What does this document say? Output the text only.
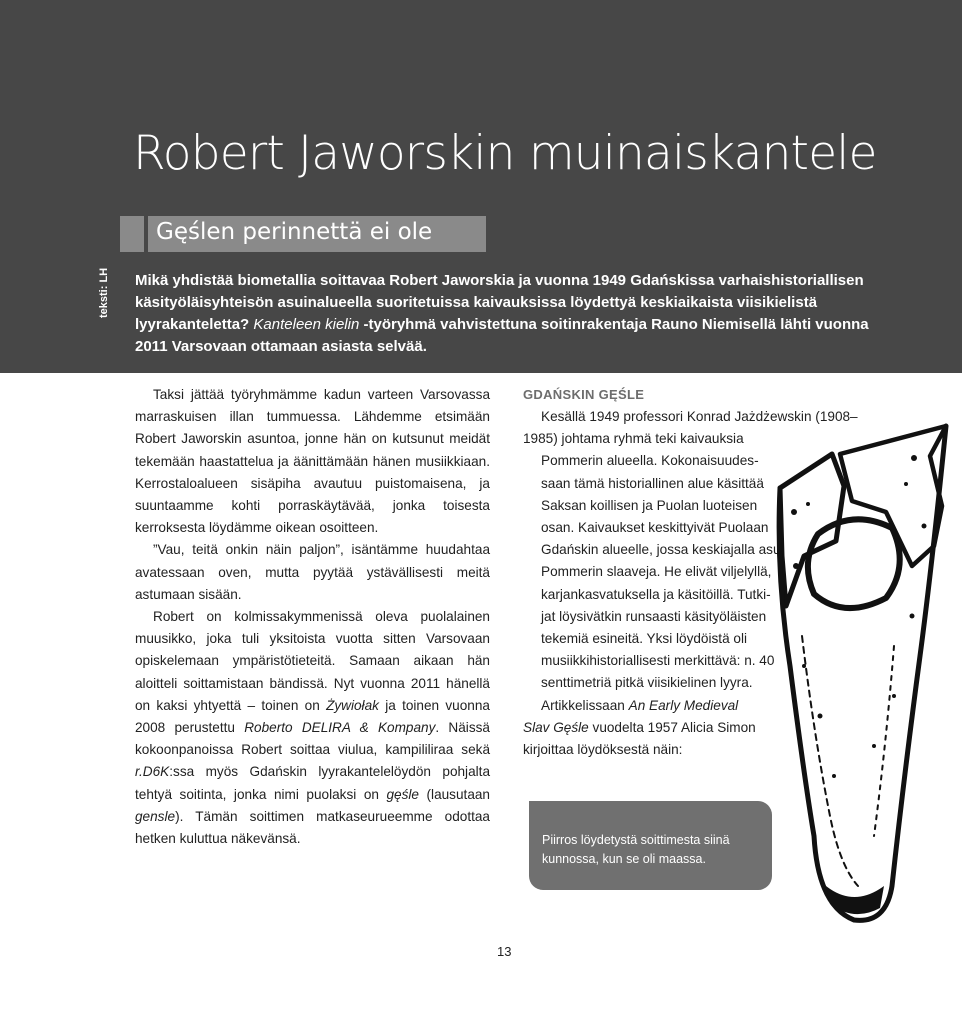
Robert Jaworskin muinaiskantele
Gęślen perinnettä ei ole
teksti: LH Mikä yhdistää biometallia soittavaa Robert Jaworskia ja vuonna 1949 Gdańskissa varhaishistoriallisen käsityöläisyhteisön asuinalueella suoritetuissa kaivauksissa löydettyä keskiaikaista viisikielistä lyyrakanteletta? Kanteleen kielin -työryhmä vahvistettuna soitinrakentaja Rauno Niemisellä lähti vuonna 2011 Varsovaan ottamaan asiasta selvää.

Taksi jättää työryhmämme kadun varteen Varsovassa marraskuisen illan tummuessa. Lähdemme etsimään Robert Jaworskin asuntoa, jonne hän on kutsunut meidät tekemään haastattelua ja äänittämään hänen musiikkiaan. Kerrostaloalueen sisäpiha avautuu puistomaisena, ja suuntaamme kohti porraskäytävää, jonka toisesta kerroksesta löydämme oikean osoitteen.

”Vau, teitä onkin näin paljon”, isäntämme huudahtaa avatessaan oven, mutta pyytää ystävällisesti meitä astumaan sisään.

Robert on kolmissakymmenissä oleva puolalainen muusikko, joka tuli yksitoista vuotta sitten Varsovaan opiskelemaan ympäristötieteitä. Samaan aikaan hän aloitteli soittamistaan bändissä. Nyt vuonna 2011 hänellä on kaksi yhtyettä – toinen on Żywiołak ja toinen vuonna 2008 perustettu Roberto DELIRA & Kompany. Näissä kokoonpanoissa Robert soittaa viulua, kampililiraa sekä r.D6K:ssa myös Gdańskin lyyrakantelelöydön pohjalta tehtyä soitinta, jonka nimi puolaksi on gęśle (lausutaan gensle). Tämän soittimen matkaseurueemme odottaa hetken kuluttua näkevänsä.

GDAŃSKIN GĘŚLE

Kesällä 1949 professori Konrad Jażdżewskin (1908–
1985) johtama ryhmä teki kaivauksia
Pommerin alueella. Kokonaisuudes-
saan tämä historiallinen alue käsittää
Saksan koillisen ja Puolan luoteisen
osan. Kaivaukset keskittyivät Puolaan
Gdańskin alueelle, jossa keskiajalla asui
Pommerin slaaveja. He elivät viljelyllä,
karjankasvatuksella ja käsitöillä. Tutki-
jat löysivätkin runsaasti käsityöläisten
tekemiä esineitä. Yksi löydöistä oli
musiikkihistoriallisesti merkittävä: n. 40
senttimetriä pitkä viisikielinen lyyra.

Artikkelissaan An Early Medieval
Slav Gęśle vuodelta 1957 Alicia Simon
kirjoittaa löydöksestä näin:

Piirros löydetystä soittimesta siinä kunnossa, kun se oli maassa.
13
